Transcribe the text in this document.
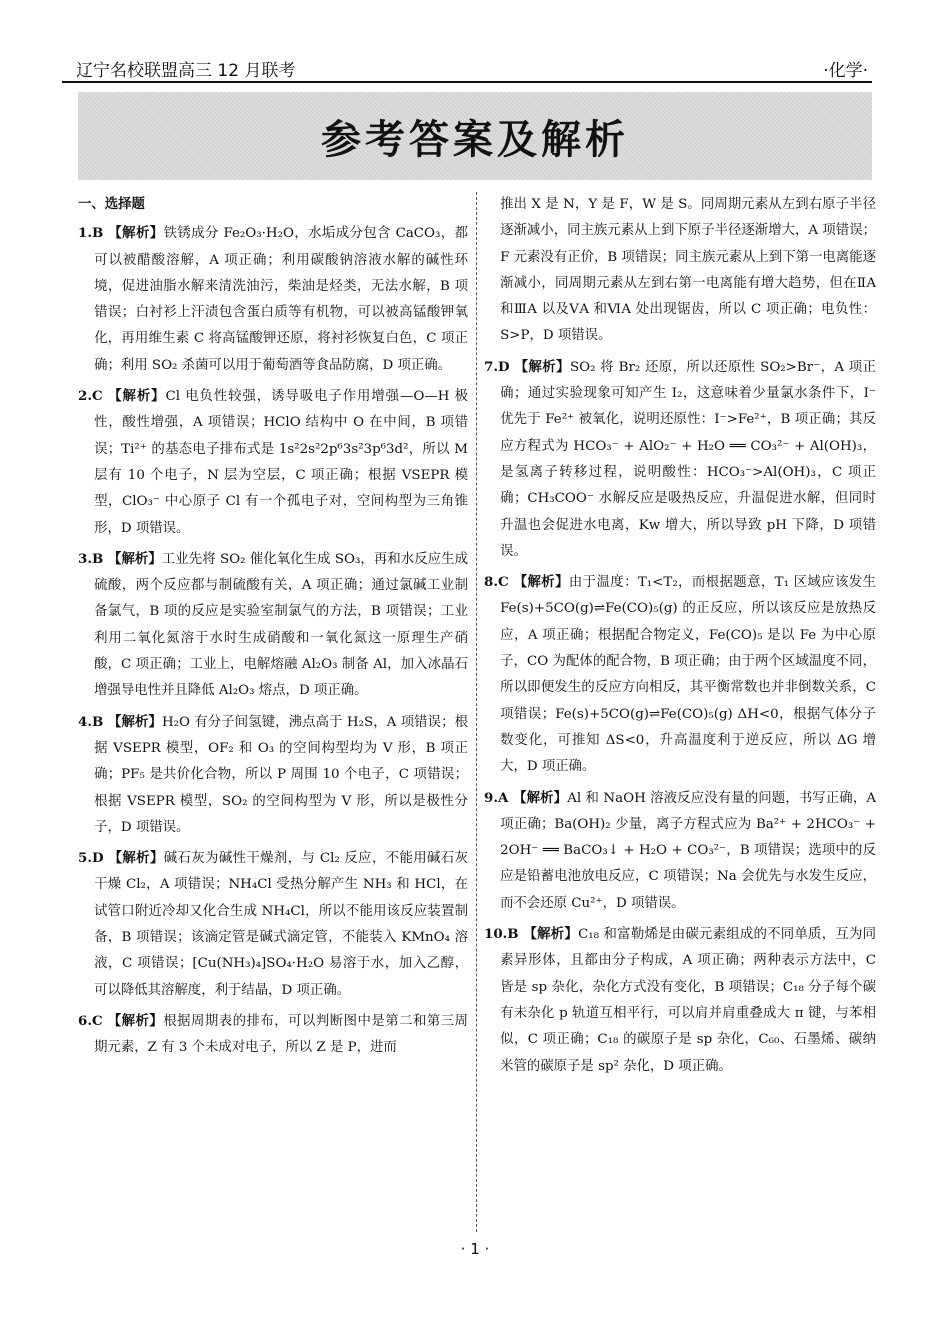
辽宁名校联盟高三 12 月联考	·化学·
参考答案及解析
一、选择题

1.B 【解析】铁锈成分 Fe₂O₃·H₂O，水垢成分包含 CaCO₃，都可以被醋酸溶解，A 项正确；利用碳酸钠溶液水解的碱性环境，促进油脂水解来清洗油污，柴油是烃类，无法水解，B 项错误；白衬衫上汗渍包含蛋白质等有机物，可以被高锰酸钾氧化，再用维生素 C 将高锰酸钾还原，将衬衫恢复白色，C 项正确；利用 SO₂ 杀菌可以用于葡萄酒等食品防腐，D 项正确。

2.C 【解析】Cl 电负性较强，诱导吸电子作用增强—O—H 极性，酸性增强，A 项错误；HClO 结构中 O 在中间，B 项错误；Ti²⁺ 的基态电子排布式是 1s²2s²2p⁶3s²3p⁶3d²，所以 M 层有 10 个电子，N 层为空层，C 项正确；根据 VSEPR 模型，ClO₃⁻ 中心原子 Cl 有一个孤电子对，空间构型为三角锥形，D 项错误。

3.B 【解析】工业先将 SO₂ 催化氧化生成 SO₃，再和水反应生成硫酸，两个反应都与制硫酸有关，A 项正确；通过氯碱工业制备氯气，B 项的反应是实验室制氯气的方法，B 项错误；工业利用二氧化氮溶于水时生成硝酸和一氧化氮这一原理生产硝酸，C 项正确；工业上，电解熔融 Al₂O₃ 制备 Al，加入冰晶石增强导电性并且降低 Al₂O₃ 熔点，D 项正确。

4.B 【解析】H₂O 有分子间氢键，沸点高于 H₂S，A 项错误；根据 VSEPR 模型，OF₂ 和 O₃ 的空间构型均为 V 形，B 项正确；PF₅ 是共价化合物，所以 P 周围 10 个电子，C 项错误；根据 VSEPR 模型，SO₂ 的空间构型为 V 形，所以是极性分子，D 项错误。

5.D 【解析】碱石灰为碱性干燥剂，与 Cl₂ 反应，不能用碱石灰干燥 Cl₂，A 项错误；NH₄Cl 受热分解产生 NH₃ 和 HCl，在试管口附近冷却又化合生成 NH₄Cl，所以不能用该反应装置制备，B 项错误；该滴定管是碱式滴定管，不能装入 KMnO₄ 溶液，C 项错误；[Cu(NH₃)₄]SO₄·H₂O 易溶于水，加入乙醇，可以降低其溶解度，利于结晶，D 项正确。

6.C 【解析】根据周期表的排布，可以判断图中是第二和第三周期元素，Z 有 3 个未成对电子，所以 Z 是 P，进而

推出 X 是 N，Y 是 F，W 是 S。同周期元素从左到右原子半径逐渐减小，同主族元素从上到下原子半径逐渐增大，A 项错误；F 元素没有正价，B 项错误；同主族元素从上到下第一电离能逐渐减小，同周期元素从左到右第一电离能有增大趋势，但在ⅡA 和ⅢA 以及ⅤA 和ⅥA 处出现锯齿，所以 C 项正确；电负性：S>P，D 项错误。

7.D 【解析】SO₂ 将 Br₂ 还原，所以还原性 SO₂>Br⁻，A 项正确；通过实验现象可知产生 I₂，这意味着少量氯水条件下，I⁻ 优先于 Fe²⁺ 被氧化，说明还原性：I⁻>Fe²⁺，B 项正确；其反应方程式为 HCO₃⁻ + AlO₂⁻ + H₂O ══ CO₃²⁻ + Al(OH)₃，是氢离子转移过程，说明酸性：HCO₃⁻>Al(OH)₃，C 项正确；CH₃COO⁻ 水解反应是吸热反应，升温促进水解，但同时升温也会促进水电离，Kw 增大，所以导致 pH 下降，D 项错误。

8.C 【解析】由于温度：T₁<T₂，而根据题意，T₁ 区域应该发生 Fe(s)+5CO(g)⇌Fe(CO)₅(g) 的正反应，所以该反应是放热反应，A 项正确；根据配合物定义，Fe(CO)₅ 是以 Fe 为中心原子，CO 为配体的配合物，B 项正确；由于两个区域温度不同，所以即便发生的反应方向相反，其平衡常数也并非倒数关系，C 项错误；Fe(s)+5CO(g)⇌Fe(CO)₅(g) ΔH<0，根据气体分子数变化，可推知 ΔS<0，升高温度利于逆反应，所以 ΔG 增大，D 项正确。

9.A 【解析】Al 和 NaOH 溶液反应没有量的问题，书写正确，A 项正确；Ba(OH)₂ 少量，离子方程式应为 Ba²⁺ + 2HCO₃⁻ + 2OH⁻ ══ BaCO₃↓ + H₂O + CO₃²⁻，B 项错误；选项中的反应是铅蓄电池放电反应，C 项错误；Na 会优先与水发生反应，而不会还原 Cu²⁺，D 项错误。

10.B 【解析】C₁₈ 和富勒烯是由碳元素组成的不同单质，互为同素异形体，且都由分子构成，A 项正确；两种表示方法中，C 皆是 sp 杂化，杂化方式没有变化，B 项错误；C₁₈ 分子每个碳有未杂化 p 轨道互相平行，可以肩并肩重叠成大 π 键，与苯相似，C 项正确；C₁₈ 的碳原子是 sp 杂化，C₆₀、石墨烯、碳纳米管的碳原子是 sp² 杂化，D 项正确。

· 1 ·
